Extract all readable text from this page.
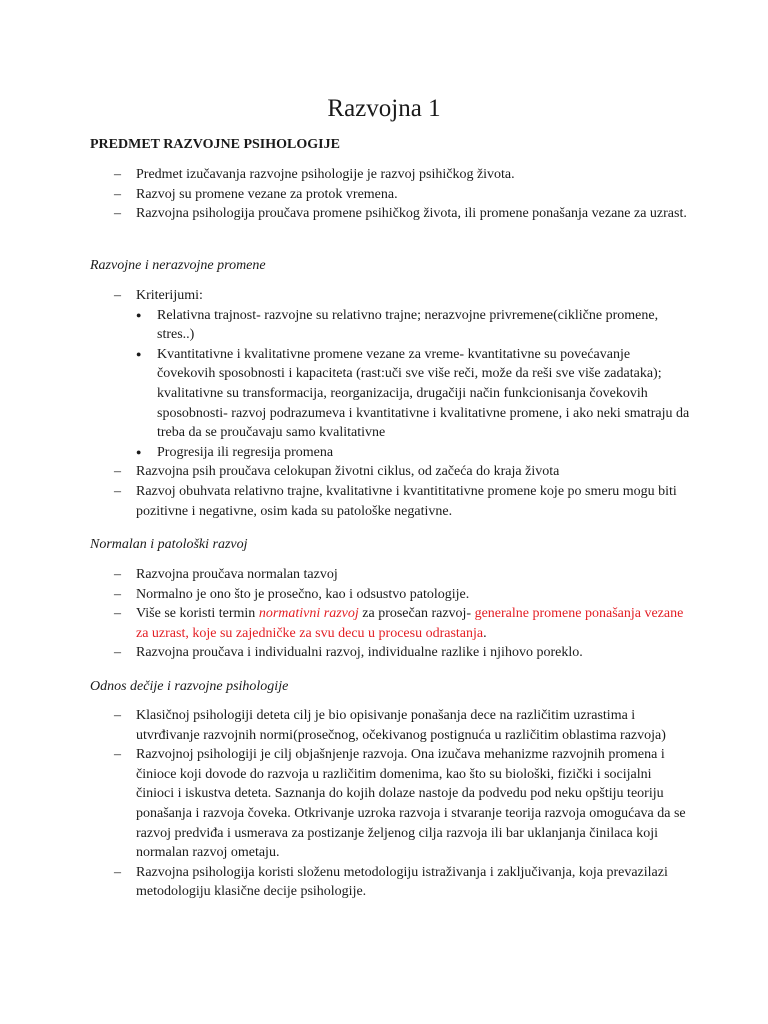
Razvojna 1
PREDMET RAZVOJNE PSIHOLOGIJE
– Predmet izučavanja razvojne psihologije je razvoj psihičkog života.
– Razvoj su promene vezane za protok vremena.
– Razvojna psihologija proučava promene psihičkog života, ili promene ponašanja vezane za uzrast.
Razvojne i nerazvojne promene
– Kriterijumi:
● Relativna trajnost- razvojne su relativno trajne; nerazvojne privremene(ciklične promene, stres..)
● Kvantitativne i kvalitativne promene vezane za vreme- kvantitativne su povećavanje čovekovih sposobnosti i kapaciteta (rast:uči sve više reči, može da reši sve više zadataka); kvalitativne su transformacija, reorganizacija, drugačiji način funkcionisanja čovekovih sposobnosti- razvoj podrazumeva i kvantitativne i kvalitativne promene, i ako neki smatraju da treba da se proučavaju samo kvalitativne
● Progresija ili regresija promena
– Razvojna psih proučava celokupan životni ciklus, od začeća do kraja života
– Razvoj obuhvata relativno trajne, kvalitativne i kvantititativne promene koje po smeru mogu biti pozitivne i negativne, osim kada su patološke negativne.
Normalan i patološki razvoj
– Razvojna proučava normalan tazvoj
– Normalno je ono što je prosečno, kao i odsustvo patologije.
– Više se koristi termin normativni razvoj za prosečan razvoj- generalne promene ponašanja vezane za uzrast, koje su zajedničke za svu decu u procesu odrastanja.
– Razvojna proučava i individualni razvoj, individualne razlike i njihovo poreklo.
Odnos dečije i razvojne psihologije
– Klasičnoj psihologiji deteta cilj je bio opisivanje ponašanja dece na različitim uzrastima i utvrđivanje razvojnih normi(prosečnog, očekivanog postignuća u različitim oblastima razvoja)
– Razvojnoj psihologiji je cilj objašnjenje razvoja. Ona izučava mehanizme razvojnih promena i činioce koji dovode do razvoja u različitim domenima, kao što su biološki, fizički i socijalni činioci i iskustva deteta. Saznanja do kojih dolaze nastoje da podvedu pod neku opštiju teoriju ponašanja i razvoja čoveka. Otkrivanje uzroka razvoja i stvaranje teorija razvoja omogućava da se razvoj predviđa i usmerava za postizanje željenog cilja razvoja ili bar uklanjanja činilaca koji normalan razvoj ometaju.
– Razvojna psihologija koristi složenu metodologiju istraživanja i zaključivanja, koja prevazilazi metodologiju klasične decije psihologije.
